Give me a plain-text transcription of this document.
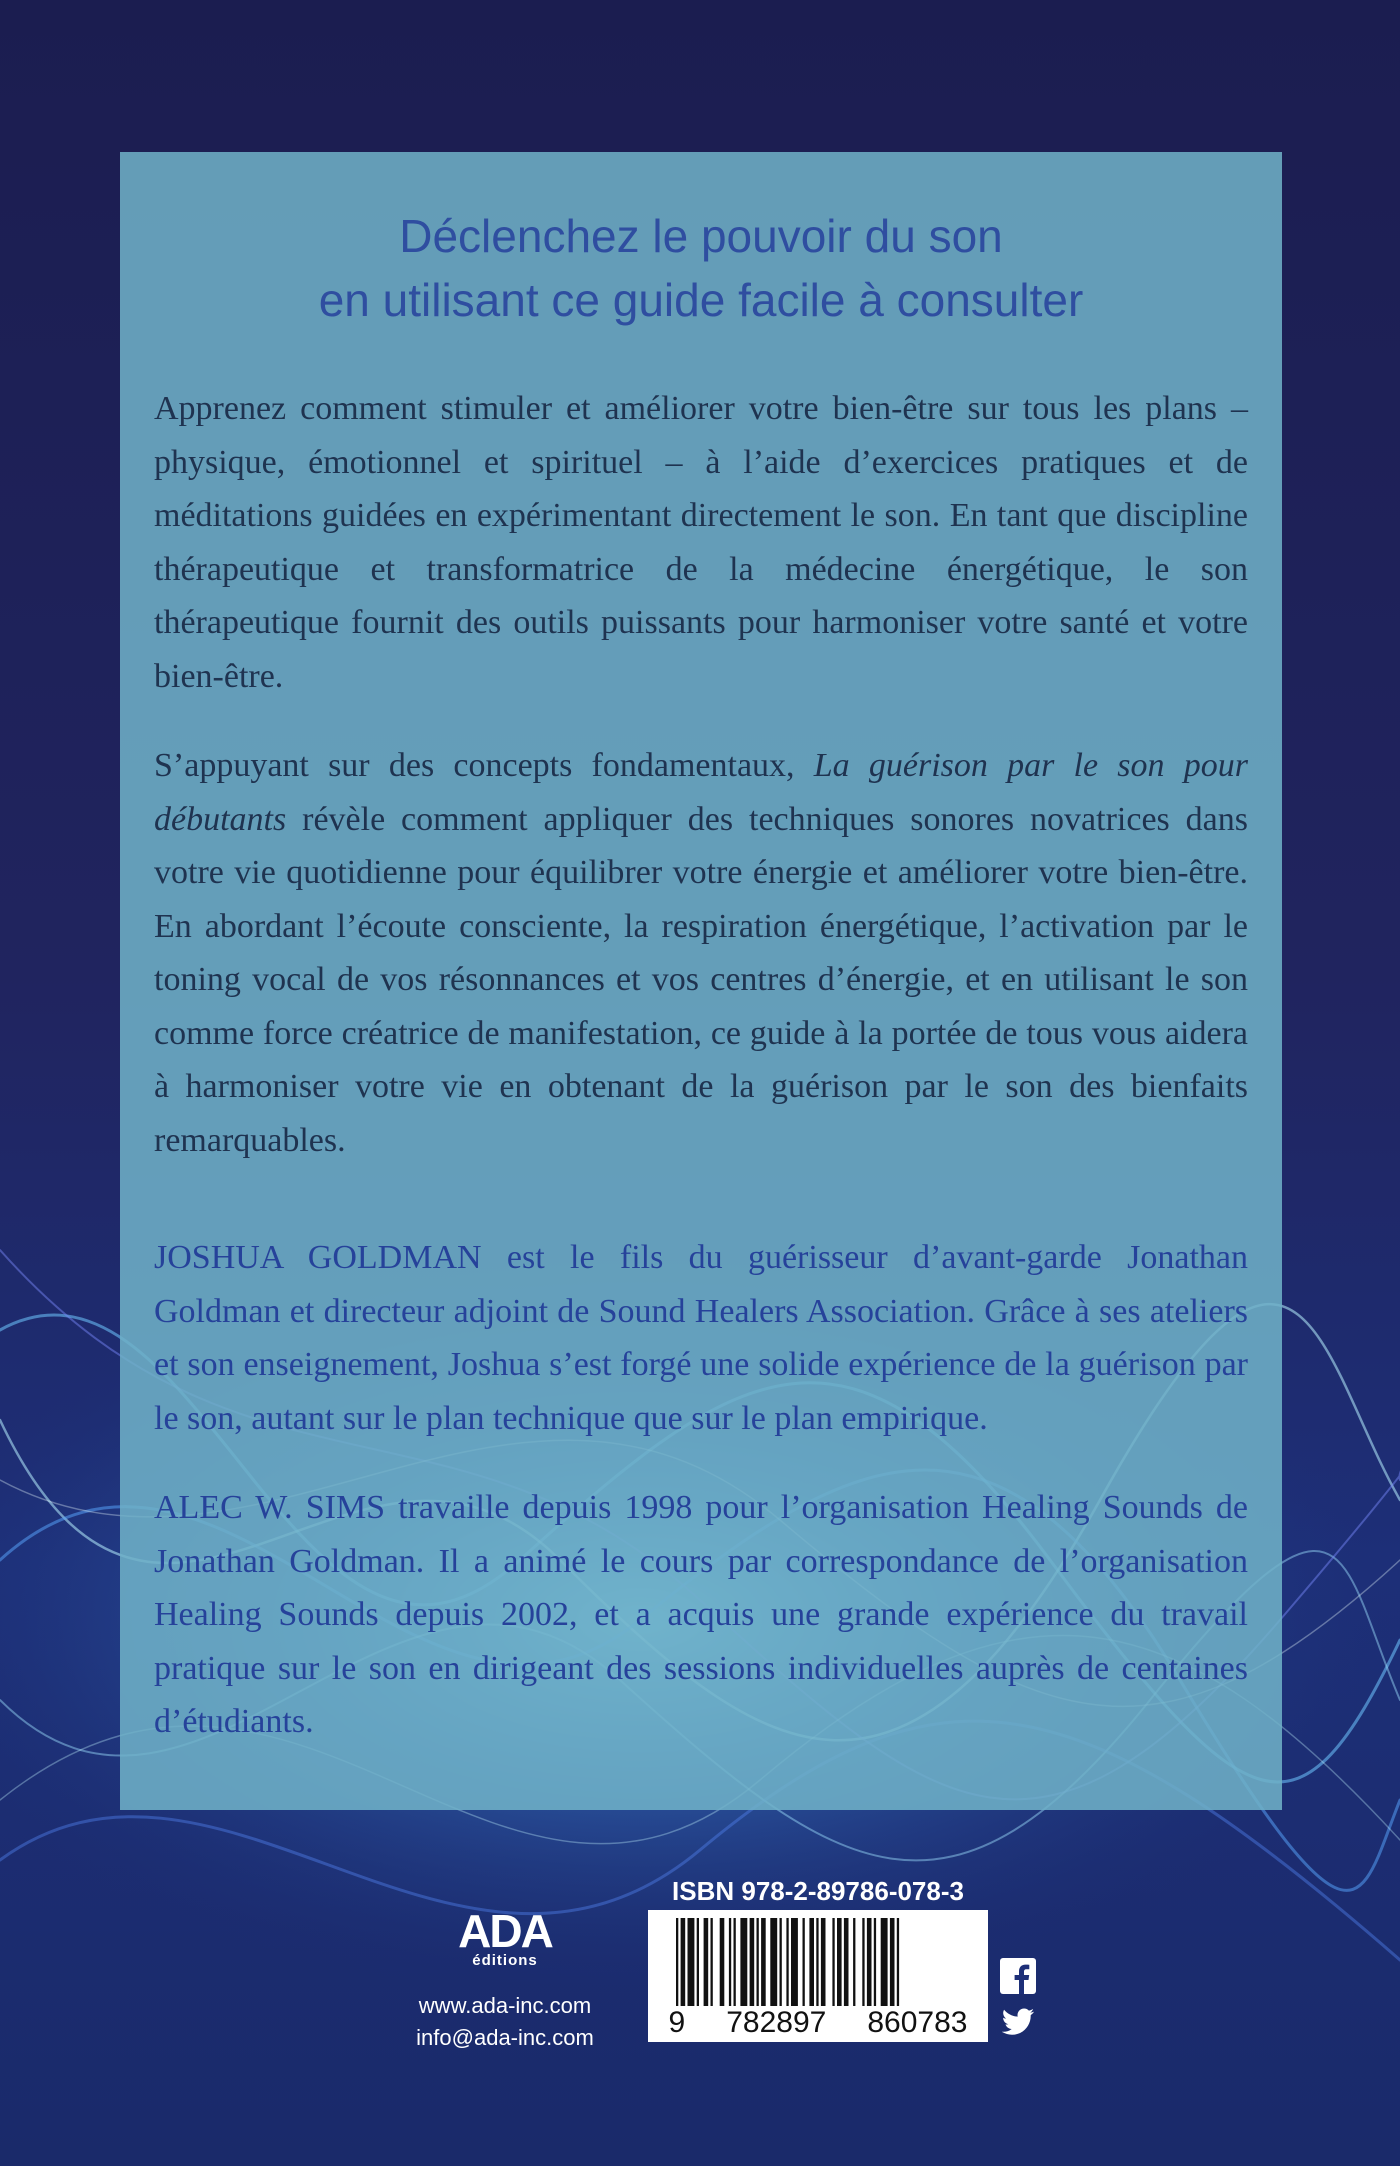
Déclenchez le pouvoir du son
en utilisant ce guide facile à consulter

Apprenez comment stimuler et améliorer votre bien-être sur tous les plans – physique, émotionnel et spirituel – à l’aide d’exercices pratiques et de méditations guidées en expérimentant directement le son. En tant que discipline thérapeutique et transformatrice de la médecine énergétique, le son thérapeutique fournit des outils puissants pour harmoniser votre santé et votre bien-être.

S’appuyant sur des concepts fondamentaux, La guérison par le son pour débutants révèle comment appliquer des techniques sonores novatrices dans votre vie quotidienne pour équilibrer votre énergie et améliorer votre bien-être. En abordant l’écoute consciente, la respiration énergétique, l’activation par le toning vocal de vos résonnances et vos centres d’énergie, et en utilisant le son comme force créatrice de manifestation, ce guide à la portée de tous vous aidera à harmoniser votre vie en obtenant de la guérison par le son des bienfaits remarquables.

JOSHUA GOLDMAN est le fils du guérisseur d’avant-garde Jonathan Goldman et directeur adjoint de Sound Healers Association. Grâce à ses ateliers et son enseignement, Joshua s’est forgé une solide expérience de la guérison par le son, autant sur le plan technique que sur le plan empirique.

ALEC W. SIMS travaille depuis 1998 pour l’organisation Healing Sounds de Jonathan Goldman. Il a animé le cours par correspondance de l’organisation Healing Sounds depuis 2002, et a acquis une grande expérience du travail pratique sur le son en dirigeant des sessions individuelles auprès de centaines d’étudiants.

ADA
éditions
www.ada-inc.com
info@ada-inc.com
ISBN 978-2-89786-078-3
9 782897 860783
